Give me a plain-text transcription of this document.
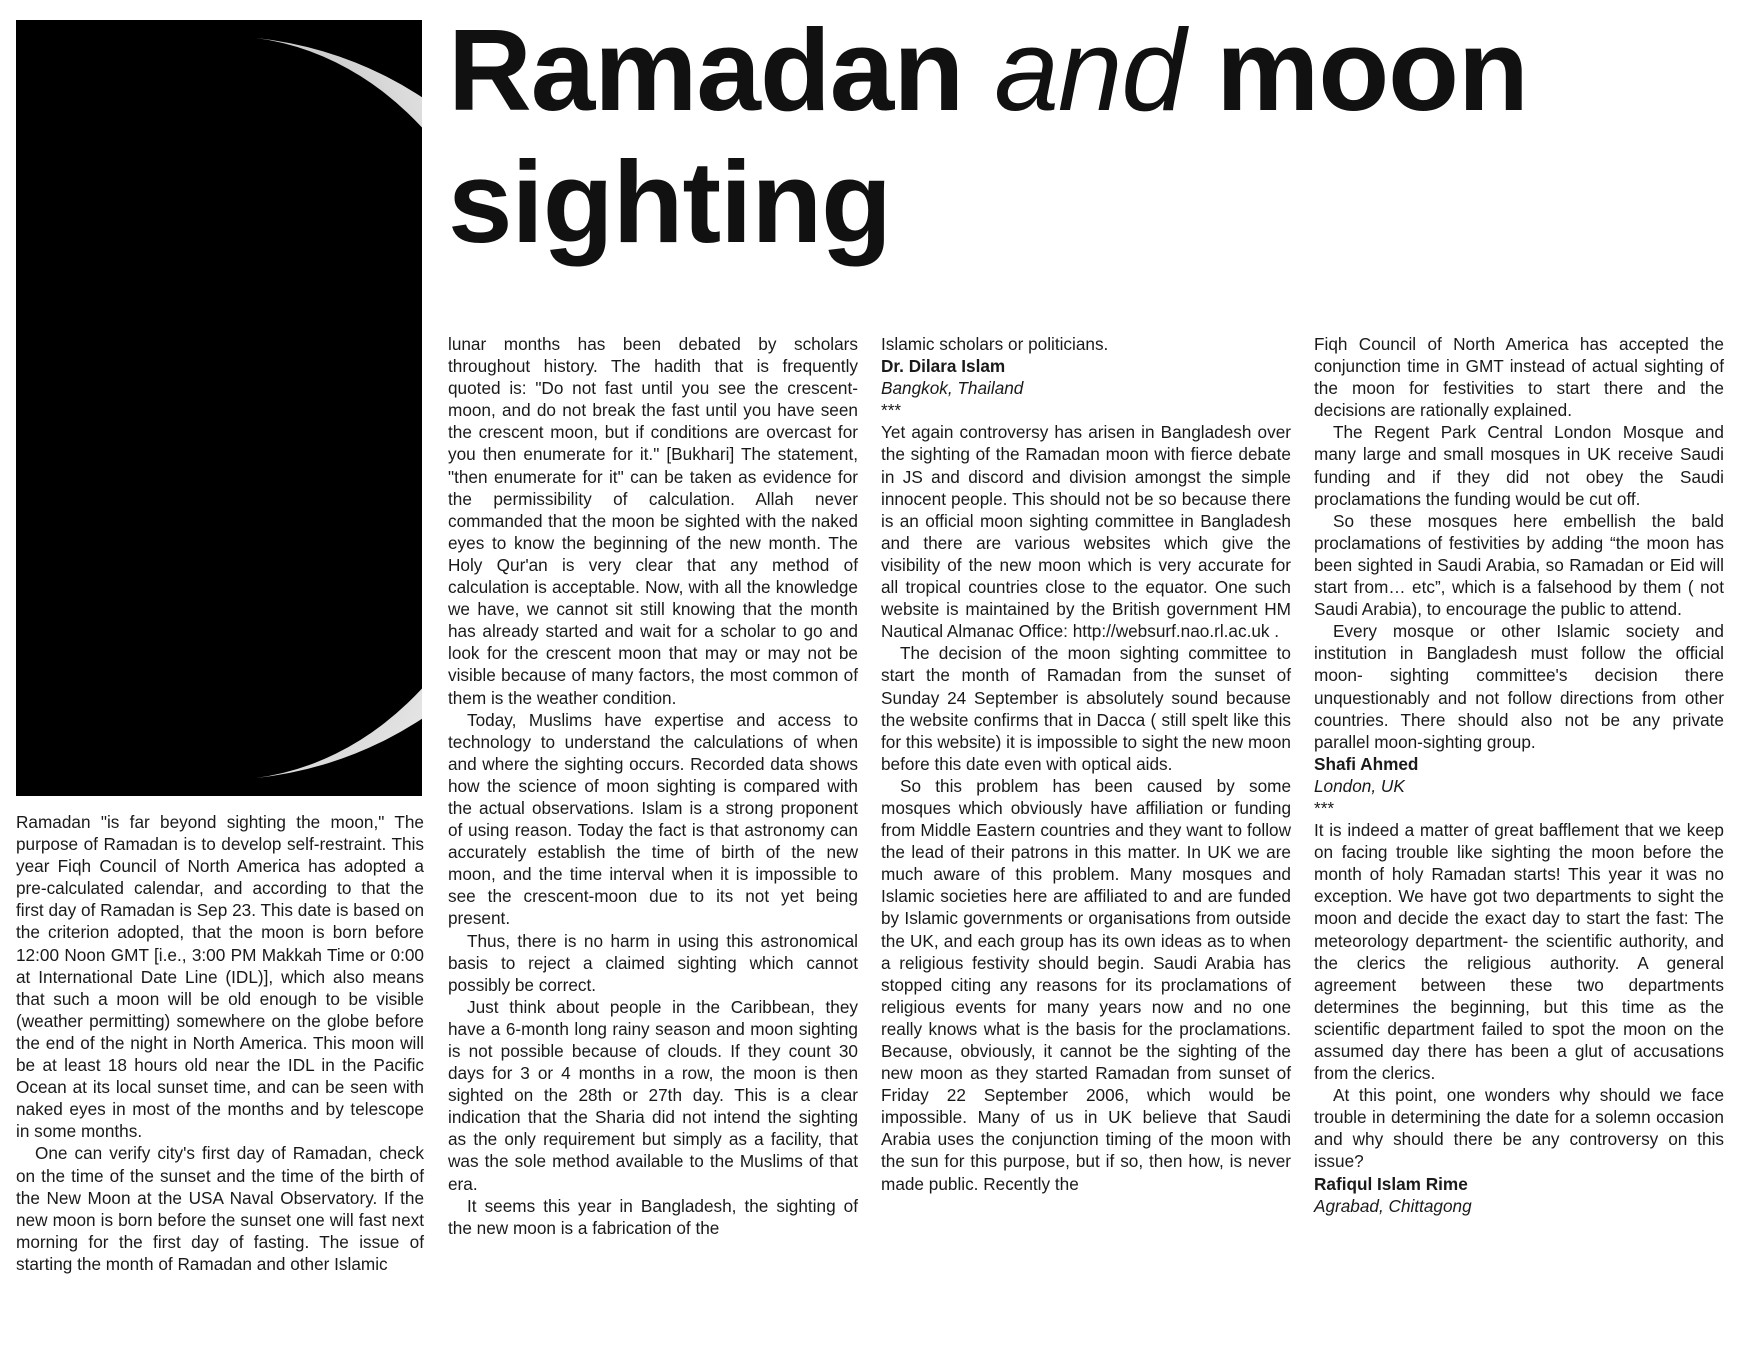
Ramadan and moon sighting

Ramadan "is far beyond sighting the moon," The purpose of Ramadan is to develop self-restraint. This year Fiqh Council of North America has adopted a pre-calculated calendar, and according to that the first day of Ramadan is Sep 23. This date is based on the criterion adopted, that the moon is born before 12:00 Noon GMT [i.e., 3:00 PM Makkah Time or 0:00 at International Date Line (IDL)], which also means that such a moon will be old enough to be visible (weather permitting) somewhere on the globe before the end of the night in North America. This moon will be at least 18 hours old near the IDL in the Pacific Ocean at its local sunset time, and can be seen with naked eyes in most of the months and by telescope in some months.

One can verify city's first day of Ramadan, check on the time of the sunset and the time of the birth of the New Moon at the USA Naval Observatory. If the new moon is born before the sunset one will fast next morning for the first day of fasting. The issue of starting the month of Ramadan and other Islamic

lunar months has been debated by scholars throughout history. The hadith that is frequently quoted is: "Do not fast until you see the crescent-moon, and do not break the fast until you have seen the crescent moon, but if conditions are overcast for you then enumerate for it." [Bukhari] The statement, "then enumerate for it" can be taken as evidence for the permissibility of calculation. Allah never commanded that the moon be sighted with the naked eyes to know the beginning of the new month. The Holy Qur'an is very clear that any method of calculation is acceptable. Now, with all the knowledge we have, we cannot sit still knowing that the month has already started and wait for a scholar to go and look for the crescent moon that may or may not be visible because of many factors, the most common of them is the weather condition.

Today, Muslims have expertise and access to technology to understand the calculations of when and where the sighting occurs. Recorded data shows how the science of moon sighting is compared with the actual observations. Islam is a strong proponent of using reason. Today the fact is that astronomy can accurately establish the time of birth of the new moon, and the time interval when it is impossible to see the crescent-moon due to its not yet being present.

Thus, there is no harm in using this astronomical basis to reject a claimed sighting which cannot possibly be correct.

Just think about people in the Caribbean, they have a 6-month long rainy season and moon sighting is not possible because of clouds. If they count 30 days for 3 or 4 months in a row, the moon is then sighted on the 28th or 27th day. This is a clear indication that the Sharia did not intend the sighting as the only requirement but simply as a facility, that was the sole method available to the Muslims of that era.

It seems this year in Bangladesh, the sighting of the new moon is a fabrication of the

Islamic scholars or politicians.

Dr. Dilara Islam

Bangkok, Thailand

***

Yet again controversy has arisen in Bangladesh over the sighting of the Ramadan moon with fierce debate in JS and discord and division amongst the simple innocent people. This should not be so because there is an official moon sighting committee in Bangladesh and there are various websites which give the visibility of the new moon which is very accurate for all tropical countries close to the equator. One such website is maintained by the British government HM Nautical Almanac Office: http://websurf.nao.rl.ac.uk .

The decision of the moon sighting committee to start the month of Ramadan from the sunset of Sunday 24 September is absolutely sound because the website confirms that in Dacca ( still spelt like this for this website) it is impossible to sight the new moon before this date even with optical aids.

So this problem has been caused by some mosques which obviously have affiliation or funding from Middle Eastern countries and they want to follow the lead of their patrons in this matter. In UK we are much aware of this problem. Many mosques and Islamic societies here are affiliated to and are funded by Islamic governments or organisations from outside the UK, and each group has its own ideas as to when a religious festivity should begin. Saudi Arabia has stopped citing any reasons for its proclamations of religious events for many years now and no one really knows what is the basis for the proclamations. Because, obviously, it cannot be the sighting of the new moon as they started Ramadan from sunset of Friday 22 September 2006, which would be impossible. Many of us in UK believe that Saudi Arabia uses the conjunction timing of the moon with the sun for this purpose, but if so, then how, is never made public. Recently the

Fiqh Council of North America has accepted the conjunction time in GMT instead of actual sighting of the moon for festivities to start there and the decisions are rationally explained.

The Regent Park Central London Mosque and many large and small mosques in UK receive Saudi funding and if they did not obey the Saudi proclamations the funding would be cut off.

So these mosques here embellish the bald proclamations of festivities by adding “the moon has been sighted in Saudi Arabia, so Ramadan or Eid will start from… etc”, which is a falsehood by them ( not Saudi Arabia), to encourage the public to attend.

Every mosque or other Islamic society and institution in Bangladesh must follow the official moon- sighting committee's decision there unquestionably and not follow directions from other countries. There should also not be any private parallel moon-sighting group.

Shafi Ahmed

London, UK

***

It is indeed a matter of great bafflement that we keep on facing trouble like sighting the moon before the month of holy Ramadan starts! This year it was no exception. We have got two departments to sight the moon and decide the exact day to start the fast: The meteorology department- the scientific authority, and the clerics the religious authority. A general agreement between these two departments determines the beginning, but this time as the scientific department failed to spot the moon on the assumed day there has been a glut of accusations from the clerics.

At this point, one wonders why should we face trouble in determining the date for a solemn occasion and why should there be any controversy on this issue?

Rafiqul Islam Rime

Agrabad, Chittagong
